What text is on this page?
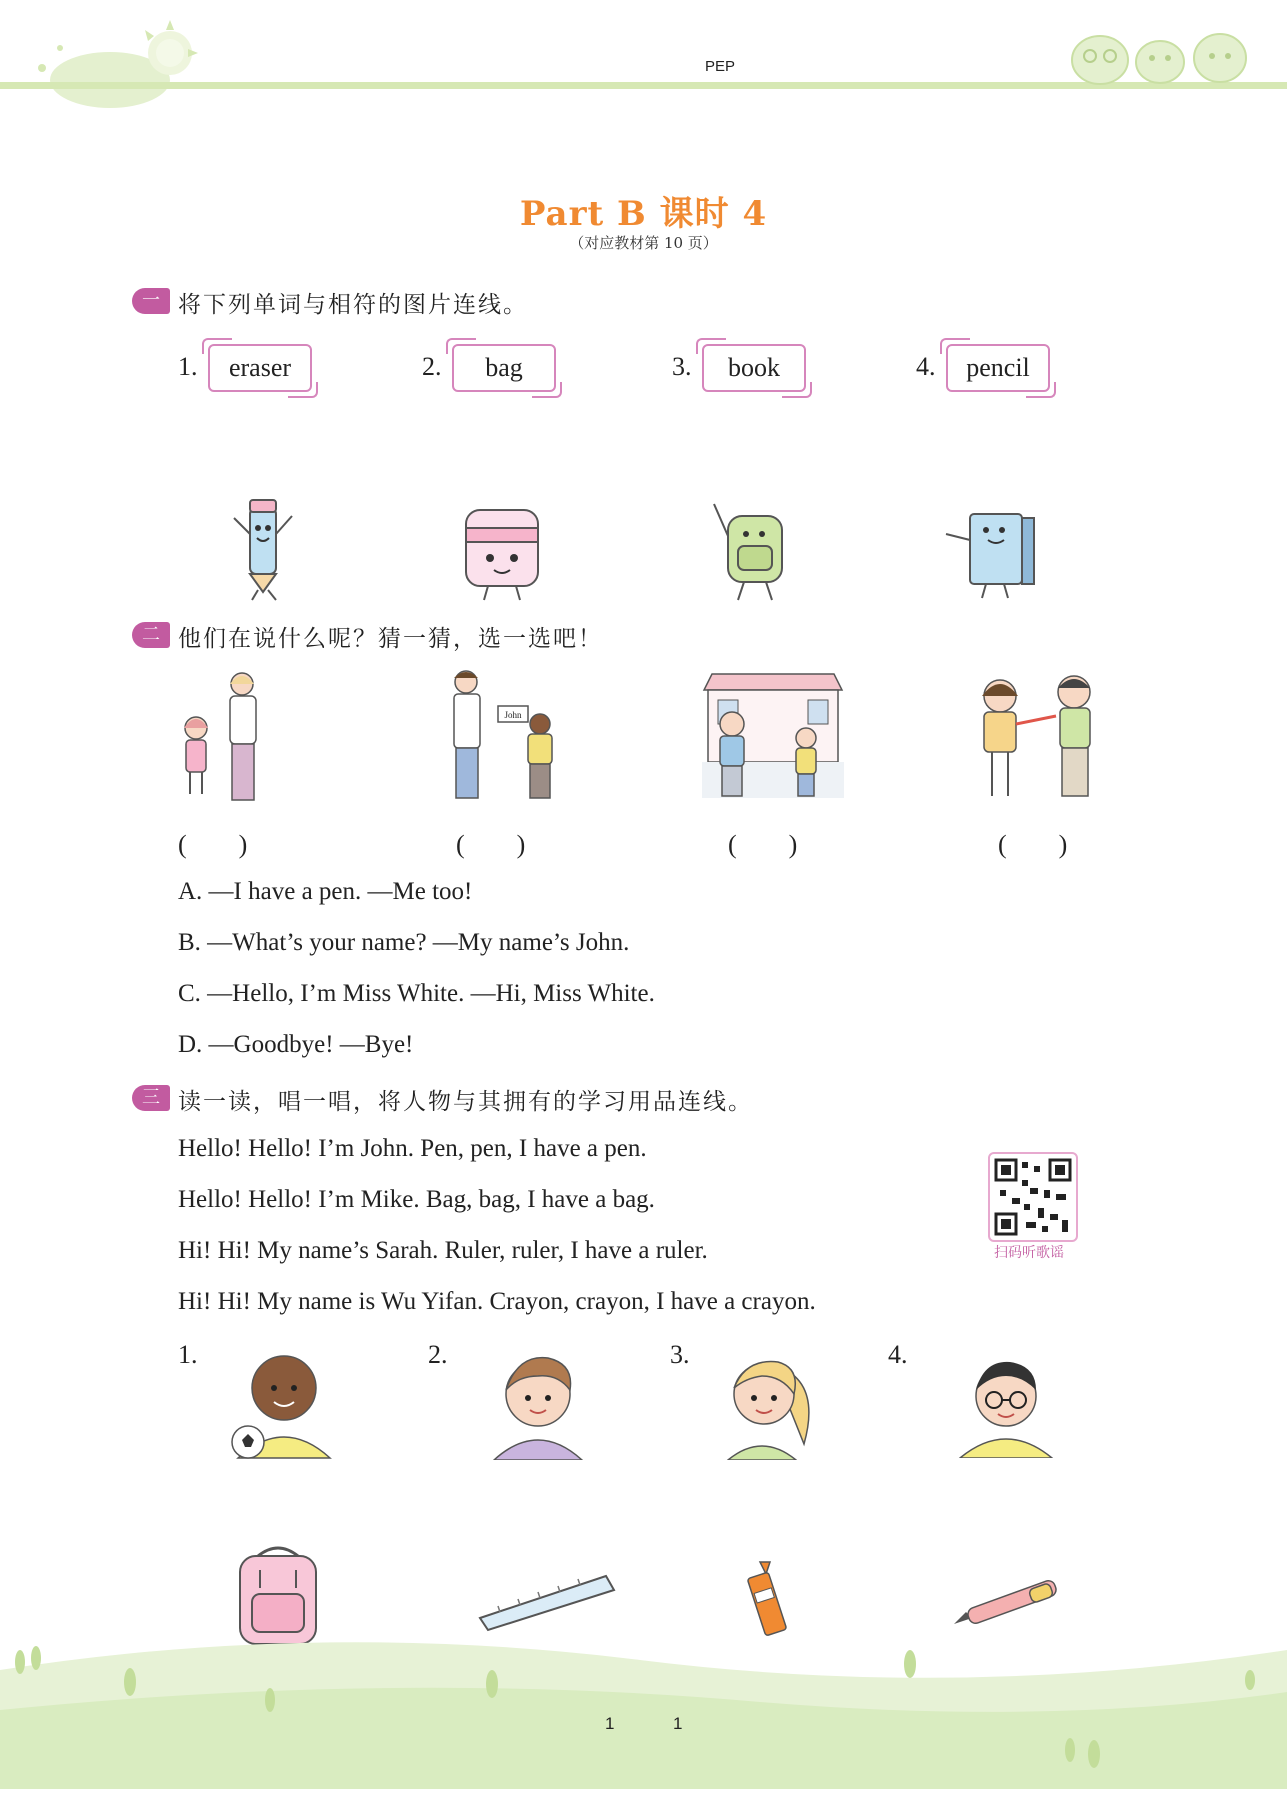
PEP
Part B 课时 4
（对应教材第 10 页）
一 将下列单词与相符的图片连线。
1.	eraser	2.	bag	3.	book	4.	pencil
二 他们在说什么呢？猜一猜，选一选吧！
John
(　　)	(　　)	(　　)	(　　)
A. —I have a pen. —Me too!
B. —What’s your name? —My name’s John.
C. —Hello, I’m Miss White. —Hi, Miss White.
D. —Goodbye! —Bye!
三 读一读，唱一唱，将人物与其拥有的学习用品连线。
Hello! Hello! I’m John. Pen, pen, I have a pen.
Hello! Hello! I’m Mike. Bag, bag, I have a bag.
Hi! Hi! My name’s Sarah. Ruler, ruler, I have a ruler.
Hi! Hi! My name is Wu Yifan. Crayon, crayon, I have a crayon.
扫码听歌谣
1.	2.	3.	4.
1	1
